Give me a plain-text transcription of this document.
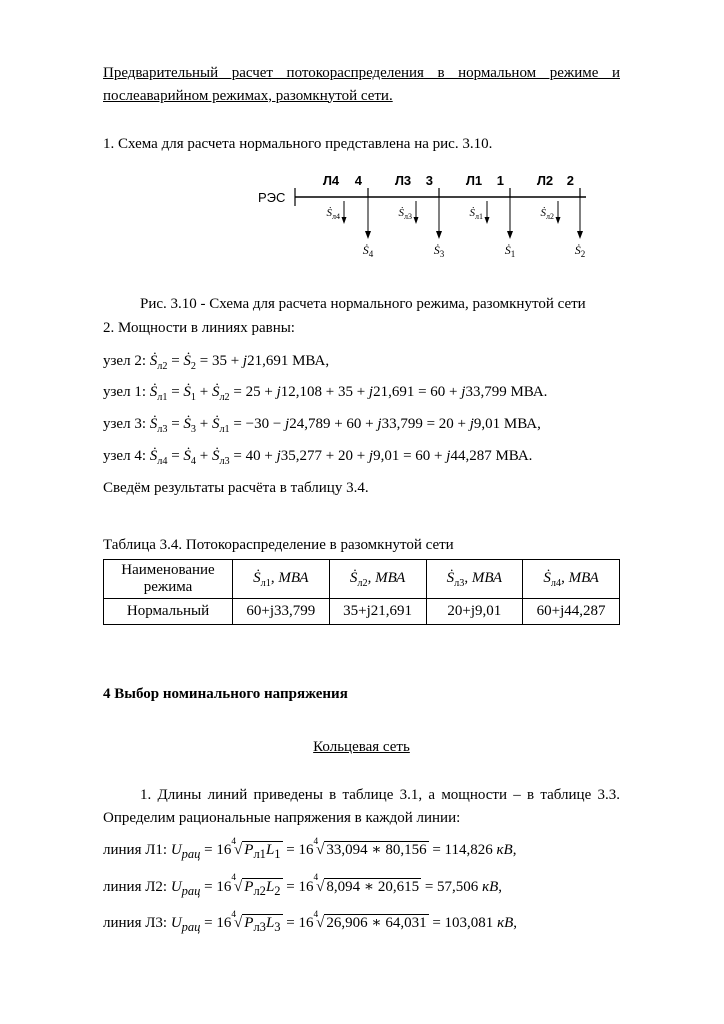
Предварительный расчет потокораспределения в нормальном режиме и послеаварийном режимах, разомкнутой сети.

1. Схема для расчета нормального представлена на рис. 3.10.

РЭС
Л4	Л3	Л1	Л2
4	3	1	2
Ṡ$_4$	Ṡ$_3$	Ṡ$_1$	Ṡ$_2$
Ṡ$_{л4}$	Ṡ$_{л3}$	Ṡ$_{л1}$	Ṡ$_{л2}$

Рис. 3.10 - Схема для расчета нормального режима, разомкнутой сети

2. Мощности в линиях равны:

узел 2: Ṡ$_{л2}$ = Ṡ$_2$ = 35 + j21,691 МВА,

узел 1: Ṡ$_{л1}$ = Ṡ$_1$ + Ṡ$_{л2}$ = 25 + j12,108 + 35 + j21,691 = 60 + j33,799 МВА.

узел 3: Ṡ$_{л3}$ = Ṡ$_3$ + Ṡ$_{л1}$ = −30 − j24,789 + 60 + j33,799 = 20 + j9,01 МВА,

узел 4: Ṡ$_{л4}$ = Ṡ$_4$ + Ṡ$_{л3}$ = 40 + j35,277 + 20 + j9,01 = 60 + j44,287 МВА.

Сведём результаты расчёта в таблицу 3.4.

Таблица 3.4. Потокораспределение в разомкнутой сети

Наименование режима	Ṡ$_{л1}$, МВА	Ṡ$_{л2}$, МВА	Ṡ$_{л3}$, МВА	Ṡ$_{л4}$, МВА
Нормальный	60+j33,799	35+j21,691	20+j9,01	60+j44,287

4 Выбор номинального напряжения

Кольцевая сеть

1. Длины линий приведены в таблице 3.1, а мощности – в таблице 3.3. Определим рациональные напряжения в каждой линии:

линия Л1: $U_{рац} = 16^4√$ $P_{л1}L_1 = 16^4√$ 33,094 ∗ 80,156 = 114,826 кВ,

линия Л2: $U_{рац} = 16^4√$ $P_{л2}L_2 = 16^4√$ 8,094 ∗ 20,615 = 57,506 кВ,

линия Л3: $U_{рац} = 16^4√$ $P_{л3}L_3 = 16^4√$ 26,906 ∗ 64,031 = 103,081 кВ,
